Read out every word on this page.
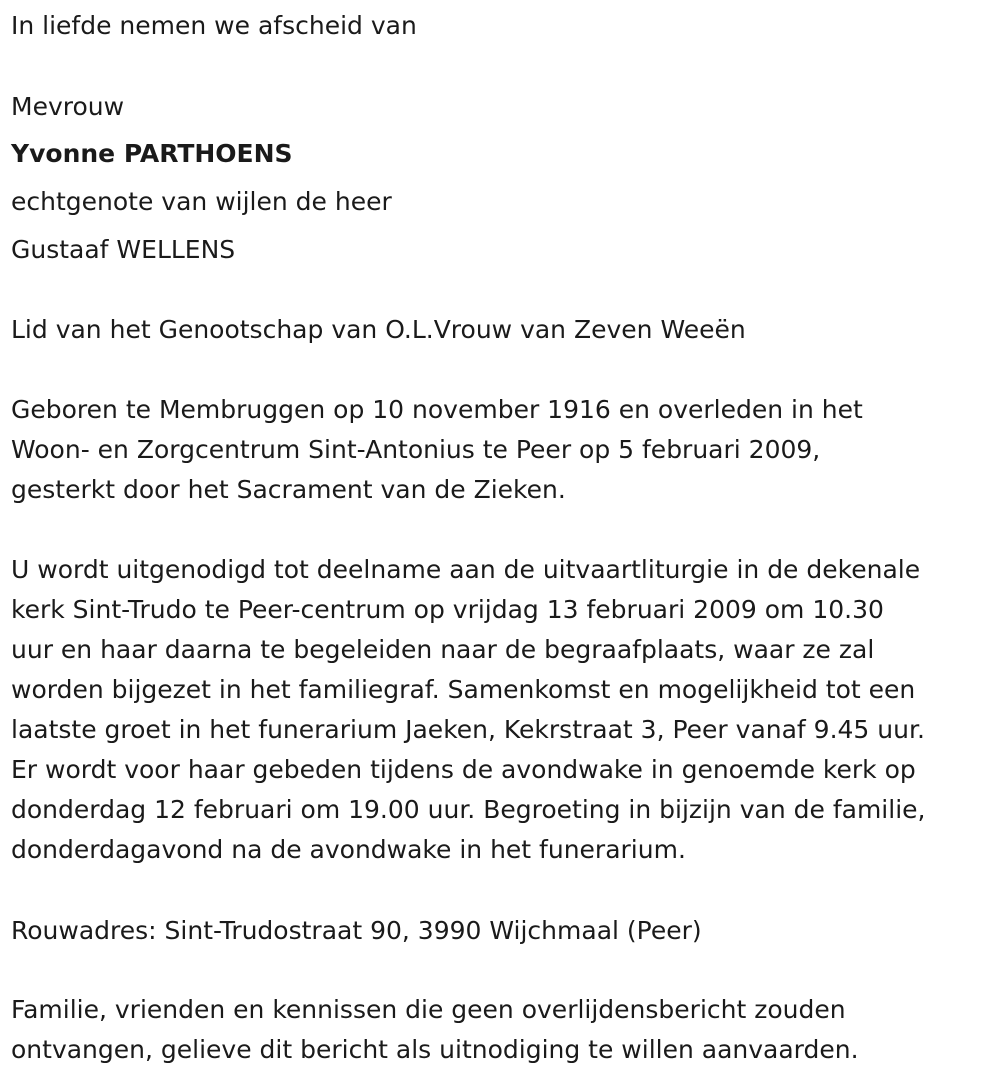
In liefde nemen we afscheid van
Mevrouw
Yvonne PARTHOENS
echtgenote van wijlen de heer
Gustaaf WELLENS
Lid van het Genootschap van O.L.Vrouw van Zeven Weeën
Geboren te Membruggen op 10 november 1916 en overleden in het
Woon- en Zorgcentrum Sint-Antonius te Peer op 5 februari 2009,
gesterkt door het Sacrament van de Zieken.
U wordt uitgenodigd tot deelname aan de uitvaartliturgie in de dekenale
kerk Sint-Trudo te Peer-centrum op vrijdag 13 februari 2009 om 10.30
uur en haar daarna te begeleiden naar de begraafplaats, waar ze zal
worden bijgezet in het familiegraf. Samenkomst en mogelijkheid tot een
laatste groet in het funerarium Jaeken, Kekrstraat 3, Peer vanaf 9.45 uur.
Er wordt voor haar gebeden tijdens de avondwake in genoemde kerk op
donderdag 12 februari om 19.00 uur. Begroeting in bijzijn van de familie,
donderdagavond na de avondwake in het funerarium.
Rouwadres: Sint-Trudostraat 90, 3990 Wijchmaal (Peer)
Familie, vrienden en kennissen die geen overlijdensbericht zouden
ontvangen, gelieve dit bericht als uitnodiging te willen aanvaarden.
